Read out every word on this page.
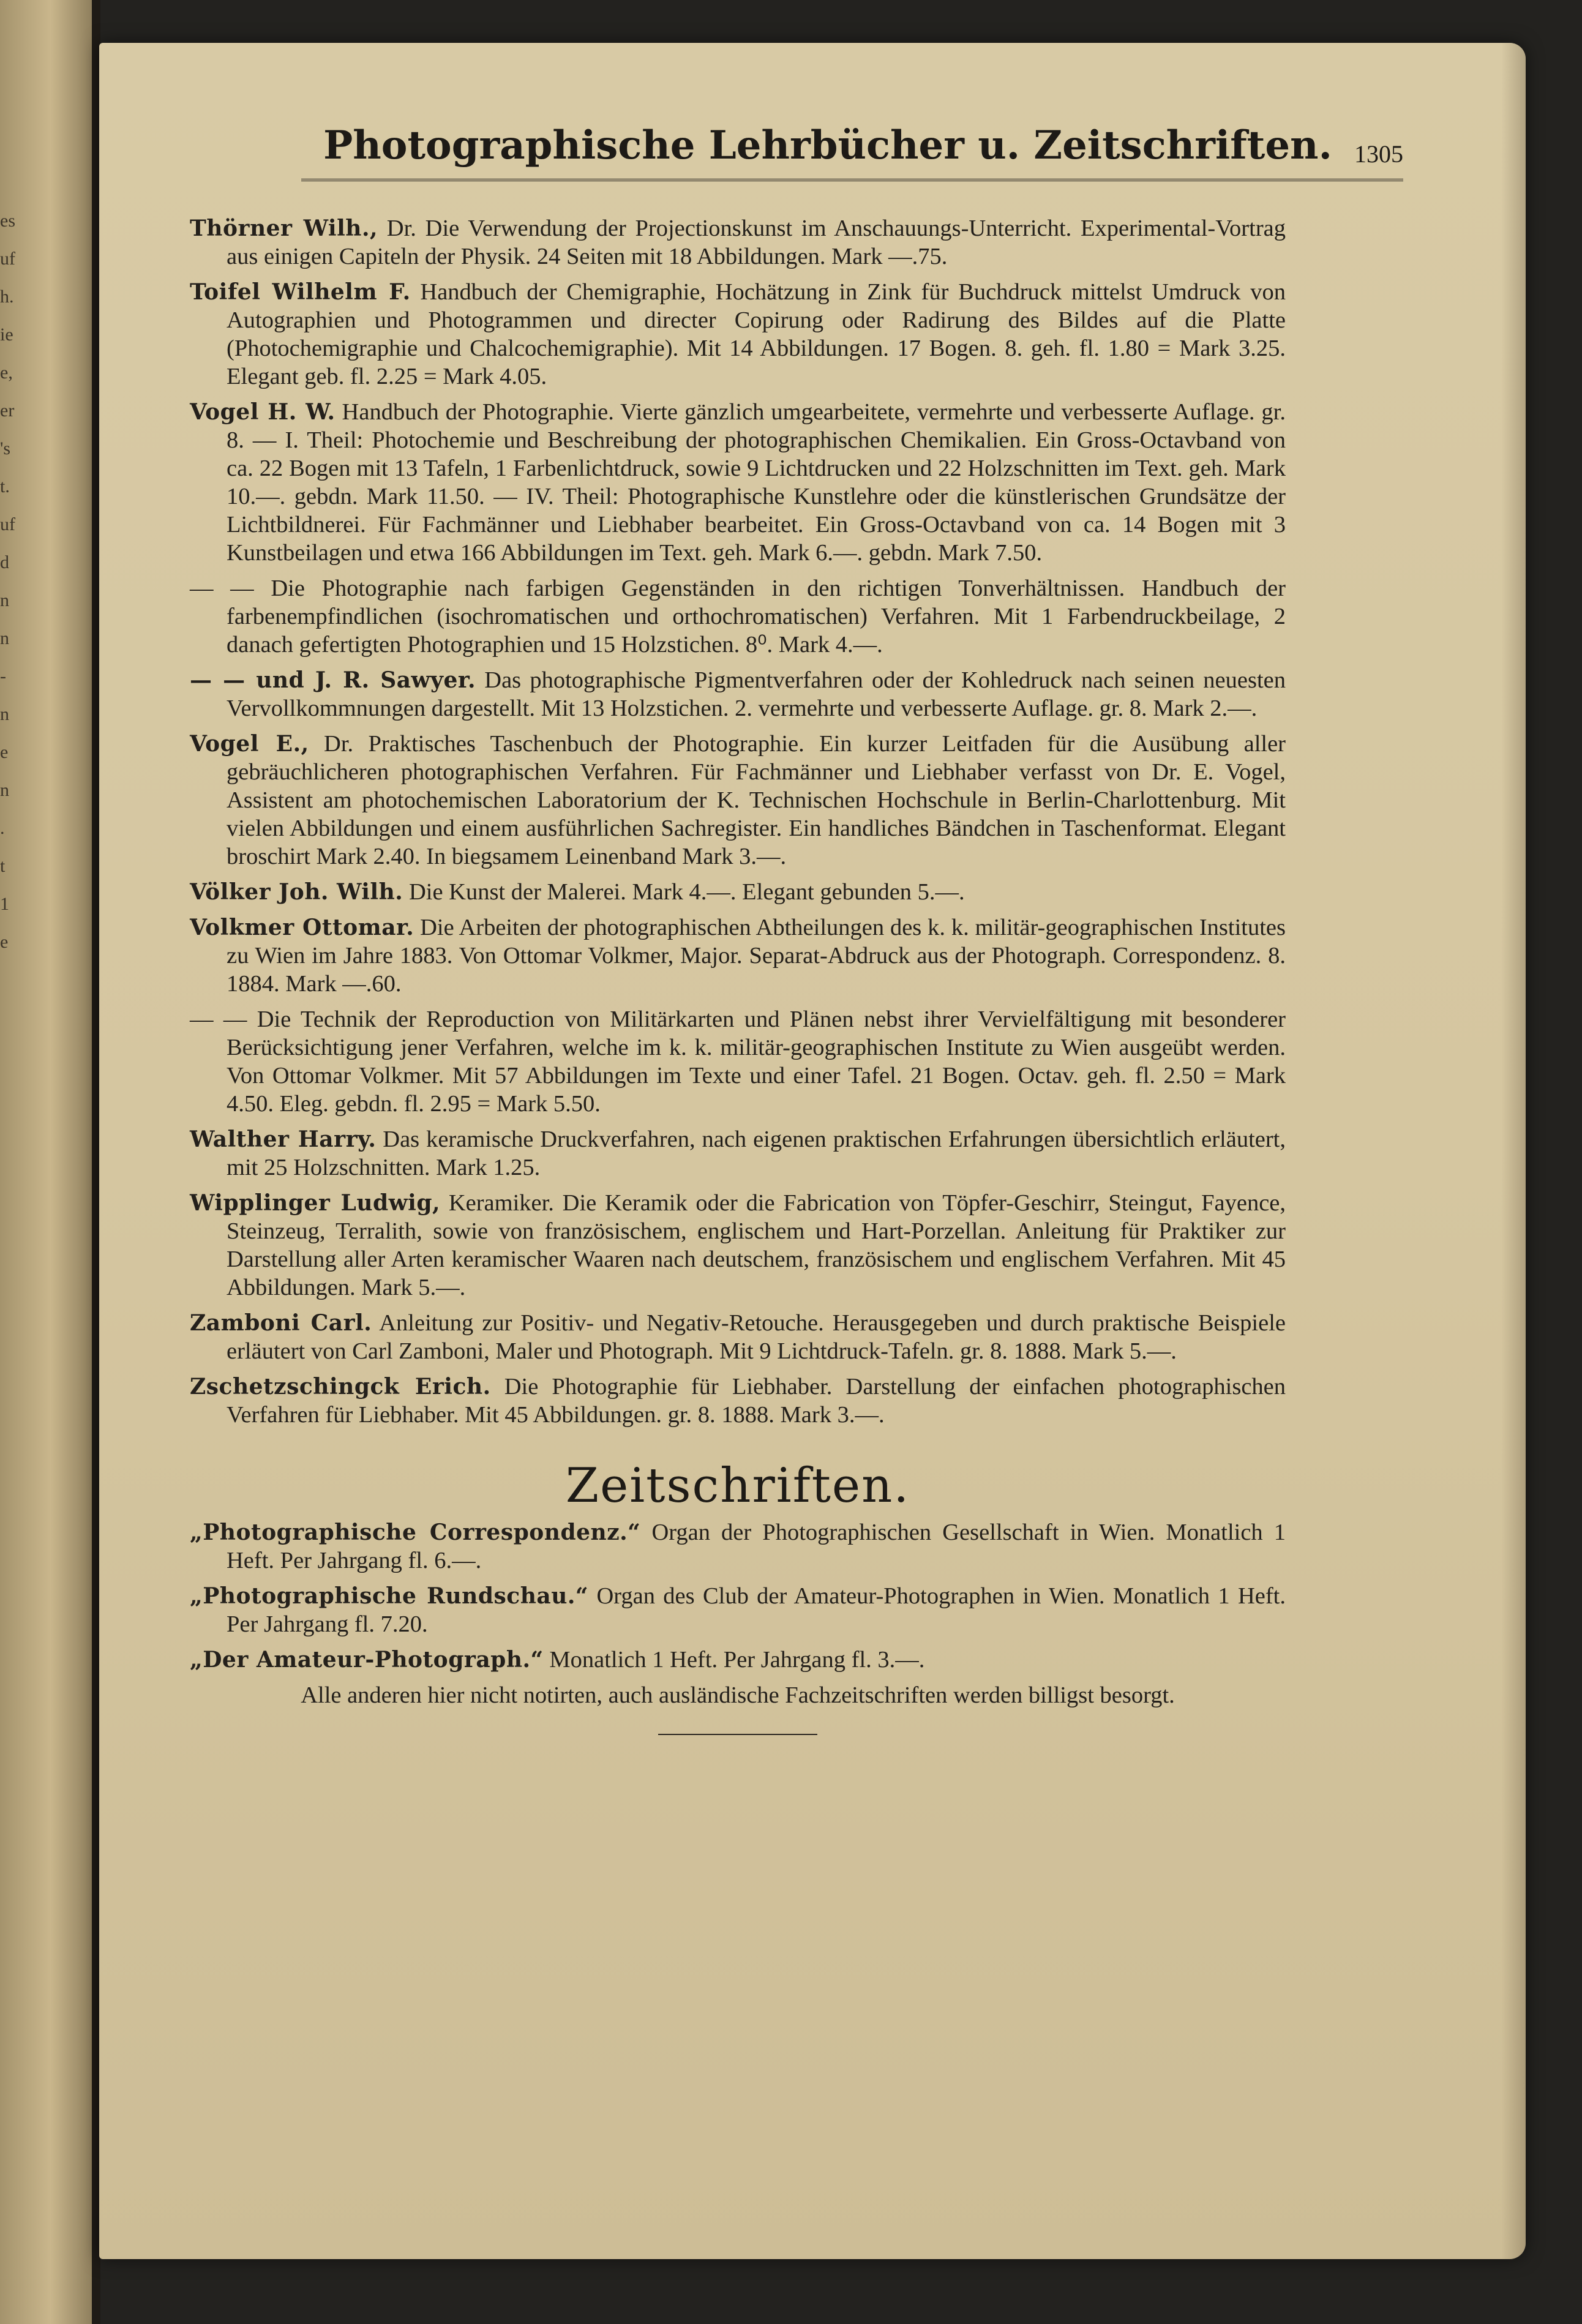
es
uf
h.
ie
e,
er
's
t.
uf
d
n
n
-
n
e
n
.
t
1
e
Photographische Lehrbücher u. Zeitschriften. 1305

Thörner Wilh., Dr. Die Verwendung der Projectionskunst im Anschauungs-Unterricht. Experimental-Vortrag aus einigen Capiteln der Physik. 24 Seiten mit 18 Abbildungen. Mark —.75.

Toifel Wilhelm F. Handbuch der Chemigraphie, Hochätzung in Zink für Buchdruck mittelst Umdruck von Autographien und Photogrammen und directer Copirung oder Radirung des Bildes auf die Platte (Photochemigraphie und Chalcochemigraphie). Mit 14 Abbildungen. 17 Bogen. 8. geh. fl. 1.80 = Mark 3.25. Elegant geb. fl. 2.25 = Mark 4.05.

Vogel H. W. Handbuch der Photographie. Vierte gänzlich umgearbeitete, vermehrte und verbesserte Auflage. gr. 8. — I. Theil: Photochemie und Beschreibung der photographischen Chemikalien. Ein Gross-Octavband von ca. 22 Bogen mit 13 Tafeln, 1 Farbenlichtdruck, sowie 9 Lichtdrucken und 22 Holzschnitten im Text. geh. Mark 10.—. gebdn. Mark 11.50. — IV. Theil: Photographische Kunstlehre oder die künstlerischen Grundsätze der Lichtbildnerei. Für Fachmänner und Liebhaber bearbeitet. Ein Gross-Octavband von ca. 14 Bogen mit 3 Kunstbeilagen und etwa 166 Abbildungen im Text. geh. Mark 6.—. gebdn. Mark 7.50.

— — Die Photographie nach farbigen Gegenständen in den richtigen Tonverhältnissen. Handbuch der farbenempfindlichen (isochromatischen und orthochromatischen) Verfahren. Mit 1 Farbendruckbeilage, 2 danach gefertigten Photographien und 15 Holzstichen. 8⁰. Mark 4.—.

— — und J. R. Sawyer. Das photographische Pigmentverfahren oder der Kohledruck nach seinen neuesten Vervollkommnungen dargestellt. Mit 13 Holzstichen. 2. vermehrte und verbesserte Auflage. gr. 8. Mark 2.—.

Vogel E., Dr. Praktisches Taschenbuch der Photographie. Ein kurzer Leitfaden für die Ausübung aller gebräuchlicheren photographischen Verfahren. Für Fachmänner und Liebhaber verfasst von Dr. E. Vogel, Assistent am photochemischen Laboratorium der K. Technischen Hochschule in Berlin-Charlottenburg. Mit vielen Abbildungen und einem ausführlichen Sachregister. Ein handliches Bändchen in Taschenformat. Elegant broschirt Mark 2.40. In biegsamem Leinenband Mark 3.—.

Völker Joh. Wilh. Die Kunst der Malerei. Mark 4.—. Elegant gebunden 5.—.

Volkmer Ottomar. Die Arbeiten der photographischen Abtheilungen des k. k. militär-geographischen Institutes zu Wien im Jahre 1883. Von Ottomar Volkmer, Major. Separat-Abdruck aus der Photograph. Correspondenz. 8. 1884. Mark —.60.

— — Die Technik der Reproduction von Militärkarten und Plänen nebst ihrer Vervielfältigung mit besonderer Berücksichtigung jener Verfahren, welche im k. k. militär-geographischen Institute zu Wien ausgeübt werden. Von Ottomar Volkmer. Mit 57 Abbildungen im Texte und einer Tafel. 21 Bogen. Octav. geh. fl. 2.50 = Mark 4.50. Eleg. gebdn. fl. 2.95 = Mark 5.50.

Walther Harry. Das keramische Druckverfahren, nach eigenen praktischen Erfahrungen übersichtlich erläutert, mit 25 Holzschnitten. Mark 1.25.

Wipplinger Ludwig, Keramiker. Die Keramik oder die Fabrication von Töpfer-Geschirr, Steingut, Fayence, Steinzeug, Terralith, sowie von französischem, englischem und Hart-Porzellan. Anleitung für Praktiker zur Darstellung aller Arten keramischer Waaren nach deutschem, französischem und englischem Verfahren. Mit 45 Abbildungen. Mark 5.—.

Zamboni Carl. Anleitung zur Positiv- und Negativ-Retouche. Herausgegeben und durch praktische Beispiele erläutert von Carl Zamboni, Maler und Photograph. Mit 9 Lichtdruck-Tafeln. gr. 8. 1888. Mark 5.—.

Zschetzschingck Erich. Die Photographie für Liebhaber. Darstellung der einfachen photographischen Verfahren für Liebhaber. Mit 45 Abbildungen. gr. 8. 1888. Mark 3.—.

Zeitschriften.

„Photographische Correspondenz.“ Organ der Photographischen Gesellschaft in Wien. Monatlich 1 Heft. Per Jahrgang fl. 6.—.

„Photographische Rundschau.“ Organ des Club der Amateur-Photographen in Wien. Monatlich 1 Heft. Per Jahrgang fl. 7.20.

„Der Amateur-Photograph.“ Monatlich 1 Heft. Per Jahrgang fl. 3.—.

Alle anderen hier nicht notirten, auch ausländische Fachzeitschriften werden billigst besorgt.
